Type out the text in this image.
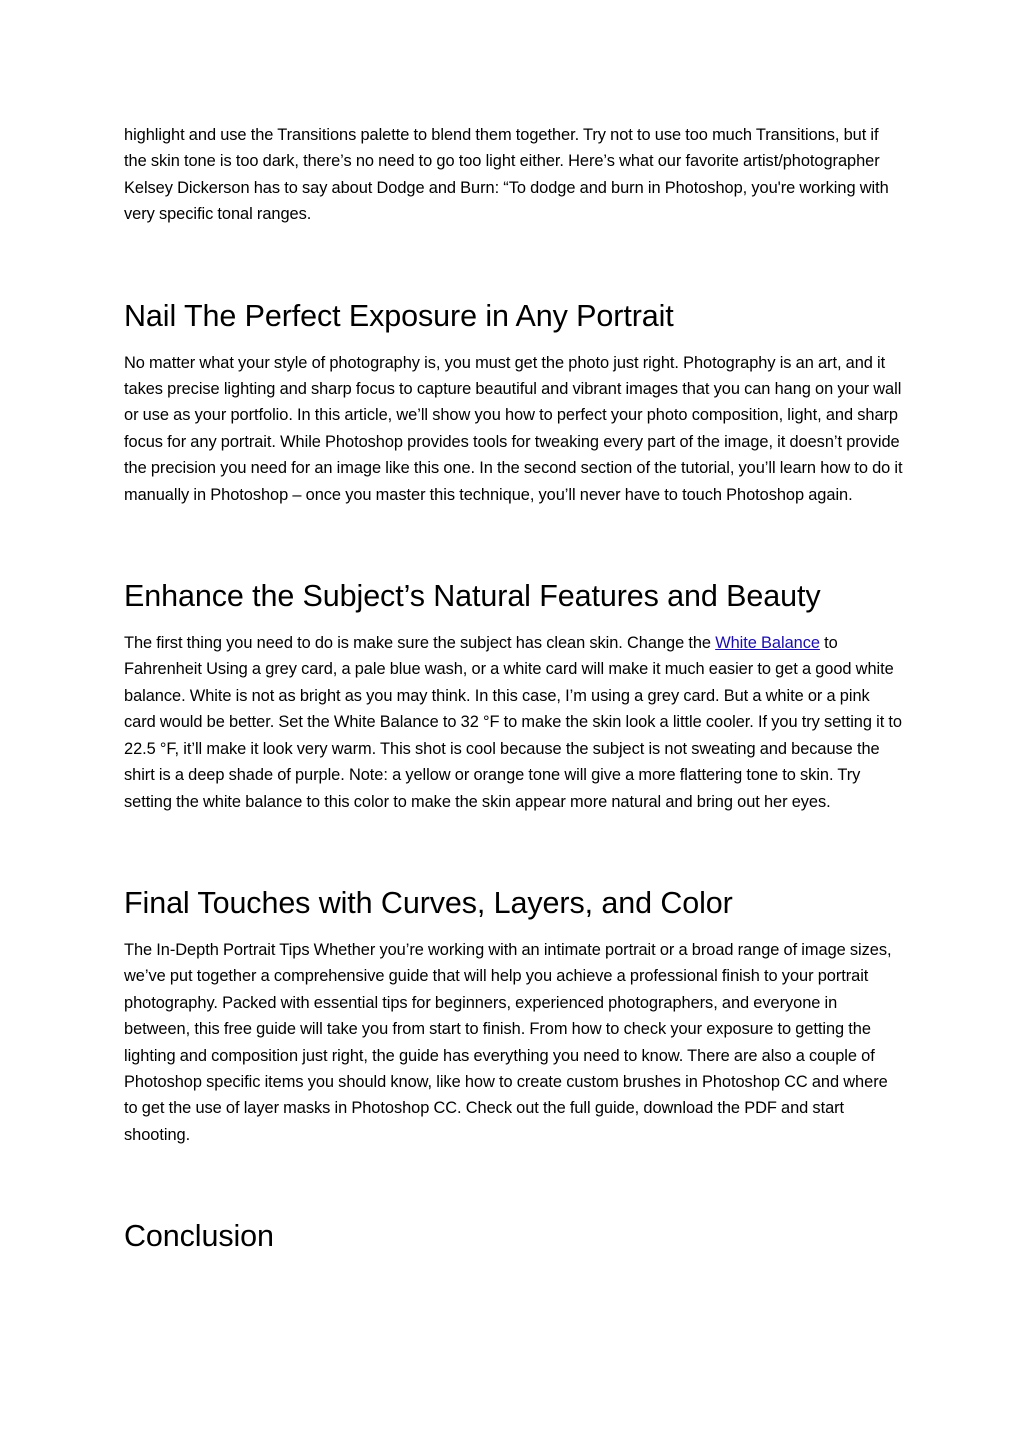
highlight and use the Transitions palette to blend them together. Try not to use too much Transitions, but if the skin tone is too dark, there’s no need to go too light either. Here’s what our favorite artist/photographer Kelsey Dickerson has to say about Dodge and Burn: “To dodge and burn in Photoshop, you're working with very specific tonal ranges.

Nail The Perfect Exposure in Any Portrait

No matter what your style of photography is, you must get the photo just right. Photography is an art, and it takes precise lighting and sharp focus to capture beautiful and vibrant images that you can hang on your wall or use as your portfolio. In this article, we’ll show you how to perfect your photo composition, light, and sharp focus for any portrait. While Photoshop provides tools for tweaking every part of the image, it doesn’t provide the precision you need for an image like this one. In the second section of the tutorial, you’ll learn how to do it manually in Photoshop – once you master this technique, you’ll never have to touch Photoshop again.

Enhance the Subject’s Natural Features and Beauty

The first thing you need to do is make sure the subject has clean skin. Change the White Balance to Fahrenheit Using a grey card, a pale blue wash, or a white card will make it much easier to get a good white balance. White is not as bright as you may think. In this case, I’m using a grey card. But a white or a pink card would be better. Set the White Balance to 32 °F to make the skin look a little cooler. If you try setting it to 22.5 °F, it’ll make it look very warm. This shot is cool because the subject is not sweating and because the shirt is a deep shade of purple. Note: a yellow or orange tone will give a more flattering tone to skin. Try setting the white balance to this color to make the skin appear more natural and bring out her eyes.

Final Touches with Curves, Layers, and Color

The In-Depth Portrait Tips Whether you’re working with an intimate portrait or a broad range of image sizes, we’ve put together a comprehensive guide that will help you achieve a professional finish to your portrait photography. Packed with essential tips for beginners, experienced photographers, and everyone in between, this free guide will take you from start to finish. From how to check your exposure to getting the lighting and composition just right, the guide has everything you need to know. There are also a couple of Photoshop specific items you should know, like how to create custom brushes in Photoshop CC and where to get the use of layer masks in Photoshop CC. Check out the full guide, download the PDF and start shooting.

Conclusion
